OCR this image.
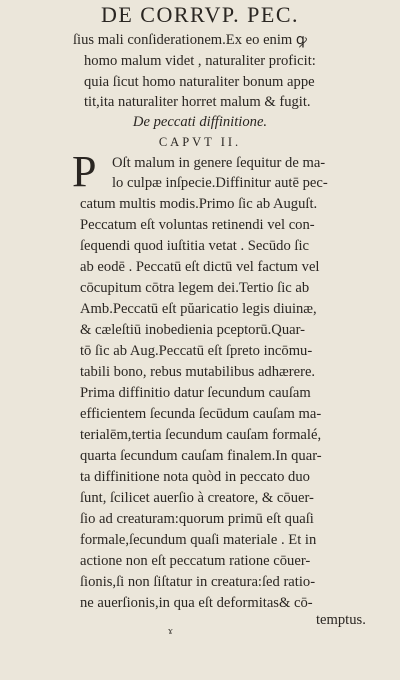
DE CORRVP. PEC.
ſius mali conſiderationem.Ex eo enim ꝙ
homo malum videt , naturaliter proficit:
quia ſicut homo naturaliter bonum appe
tit,ita naturaliter horret malum & fugit.
De peccati diffinitione.
CAPVT II.
P Oſt malum in genere ſequitur de ma-
lo culpæ inſpecie.Diffinitur autē pec-
catum multis modis.Primo ſic ab Auguſt.
Peccatum eſt voluntas retinendi vel con-
ſequendi quod iuſtitia vetat . Secūdo ſic
ab eodē . Peccatū eſt dictū vel factum vel
cōcupitum cōtra legem dei.Tertio ſic ab
Amb.Peccatū eſt pŭaricatio legis diuinæ,
& cæleſtiū inobedienia pceptorū.Quar-
tō ſic ab Aug.Peccatū eſt ſpreto incōmu-
tabili bono, rebus mutabilibus adhærere.
Prima diffinitio datur ſecundum cauſam
efficientem ſecunda ſecūdum cauſam ma-
terialēm,tertia ſecundum cauſam formalé,
quarta ſecundum cauſam finalem.In quar-
ta diffinitione nota quòd in peccato duo
ſunt, ſcilicet auerſio à creatore, & cōuer-
ſio ad creaturam:quorum primū eſt quaſi
formale,ſecundum quaſi materiale . Et in
actione non eſt peccatum ratione cōuer-
ſionis,ſi non ſiſtatur in creatura:ſed ratio-
ne auerſionis,in qua eſt deformitas& cō-
temptus.
ɤ
